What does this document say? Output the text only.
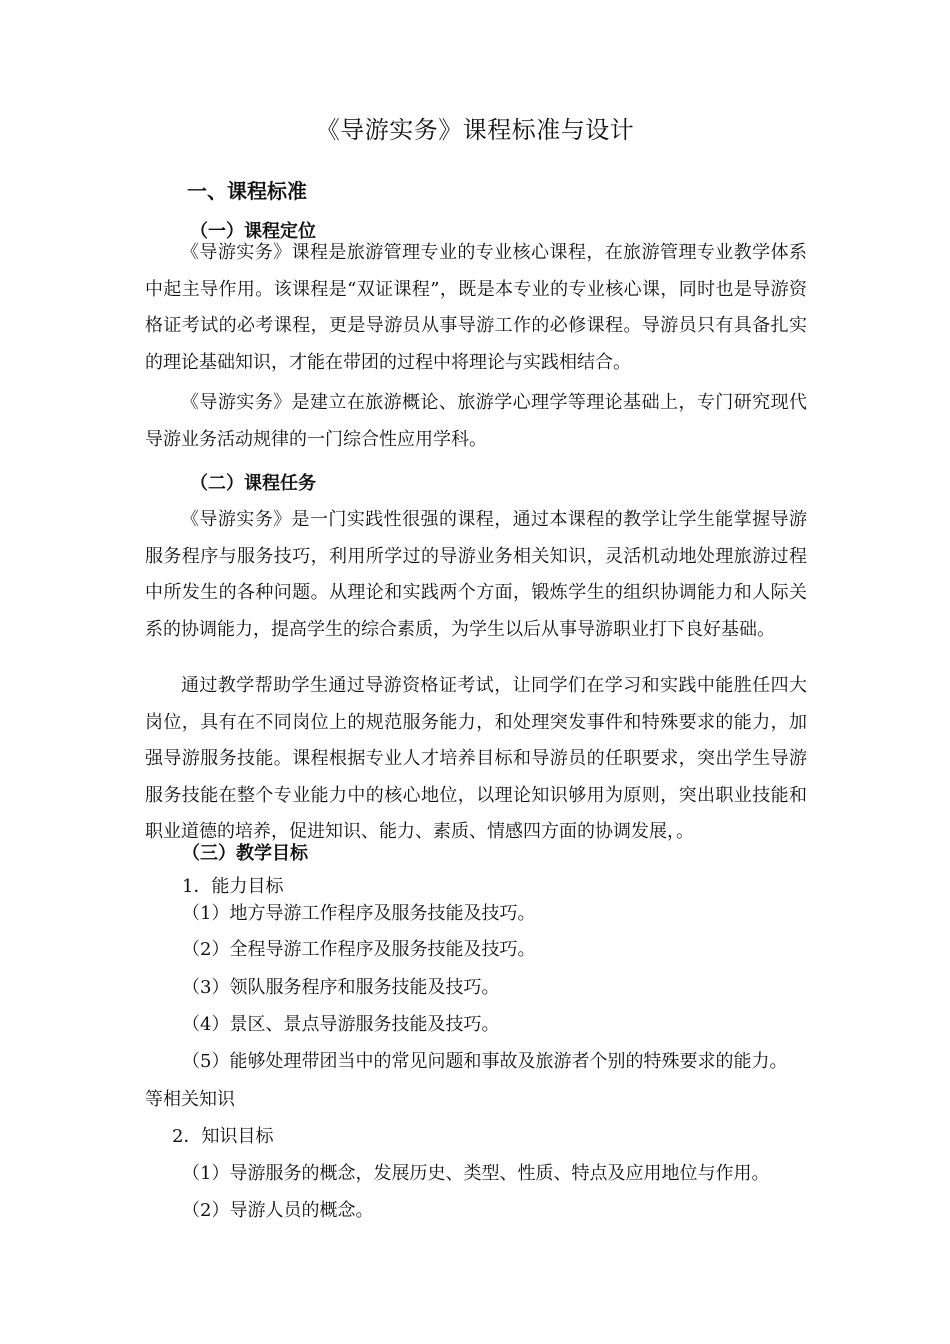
《导游实务》课程标准与设计
一、课程标准
（一）课程定位

《导游实务》课程是旅游管理专业的专业核心课程，在旅游管理专业教学体系中起主导作用。该课程是“双证课程”，既是本专业的专业核心课，同时也是导游资格证考试的必考课程，更是导游员从事导游工作的必修课程。导游员只有具备扎实的理论基础知识，才能在带团的过程中将理论与实践相结合。

《导游实务》是建立在旅游概论、旅游学心理学等理论基础上，专门研究现代导游业务活动规律的一门综合性应用学科。

（二）课程任务

《导游实务》是一门实践性很强的课程，通过本课程的教学让学生能掌握导游服务程序与服务技巧，利用所学过的导游业务相关知识，灵活机动地处理旅游过程中所发生的各种问题。从理论和实践两个方面，锻炼学生的组织协调能力和人际关系的协调能力，提高学生的综合素质，为学生以后从事导游职业打下良好基础。

通过教学帮助学生通过导游资格证考试，让同学们在学习和实践中能胜任四大岗位，具有在不同岗位上的规范服务能力，和处理突发事件和特殊要求的能力，加强导游服务技能。课程根据专业人才培养目标和导游员的任职要求，突出学生导游服务技能在整个专业能力中的核心地位，以理论知识够用为原则，突出职业技能和职业道德的培养，促进知识、能力、素质、情感四方面的协调发展，。

（三）教学目标
1．能力目标
（1）地方导游工作程序及服务技能及技巧。
（2）全程导游工作程序及服务技能及技巧。
（3）领队服务程序和服务技能及技巧。
（4）景区、景点导游服务技能及技巧。
（5）能够处理带团当中的常见问题和事故及旅游者个别的特殊要求的能力。
等相关知识
2．知识目标
（1）导游服务的概念，发展历史、类型、性质、特点及应用地位与作用。
（2）导游人员的概念。
